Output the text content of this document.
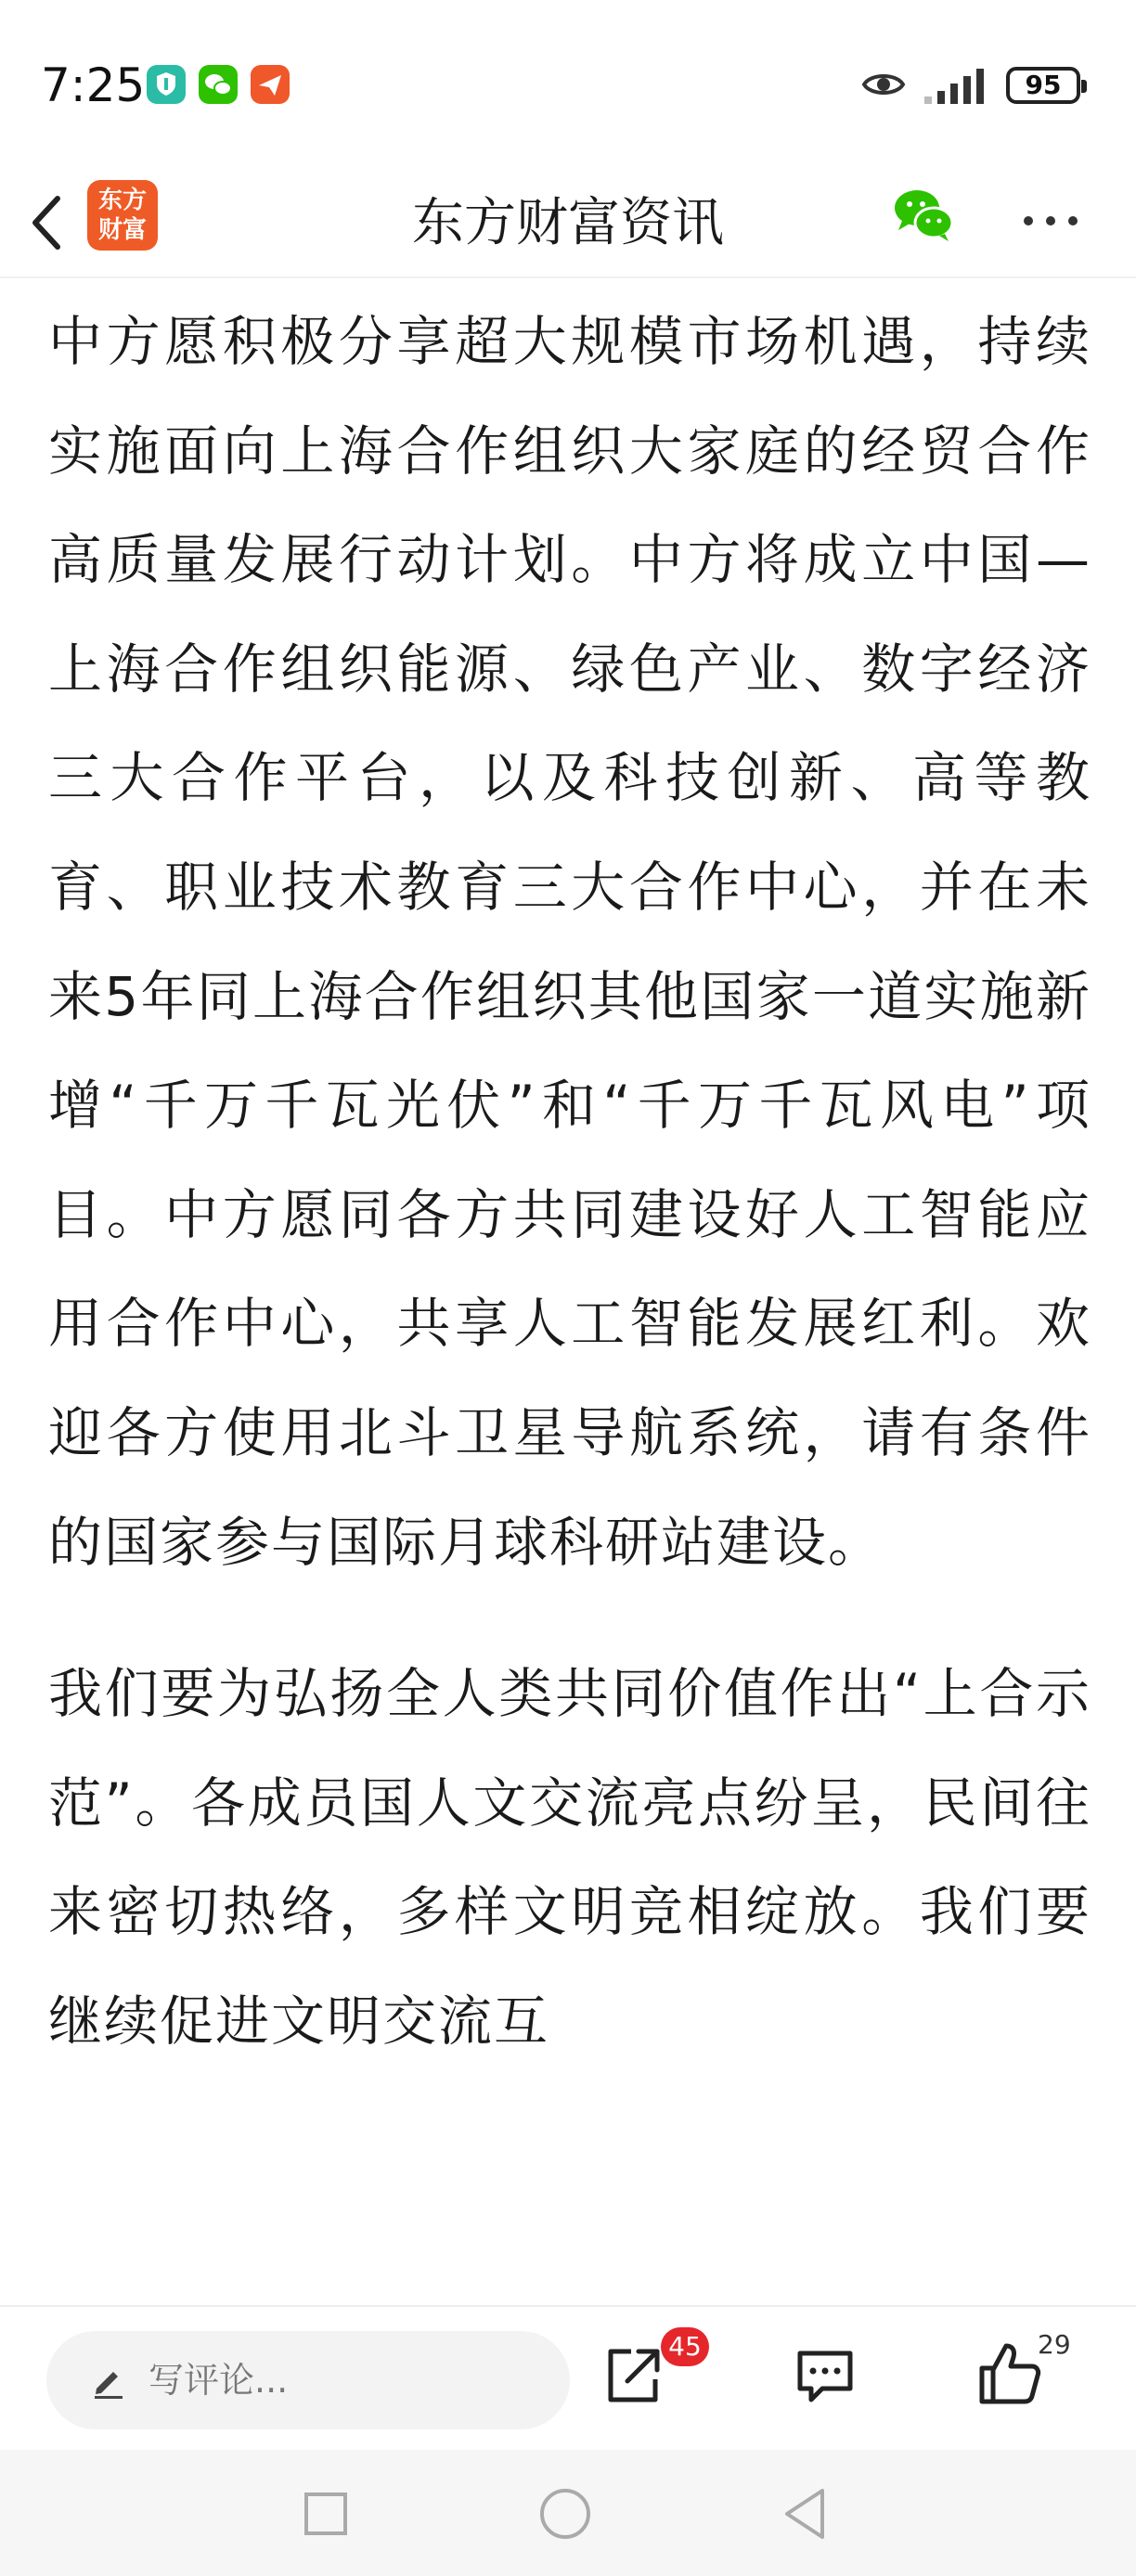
7:25	95
东方
财富	东方财富资讯

中方愿积极分享超大规模市场机遇，持续实施面向上海合作组织大家庭的经贸合作高质量发展行动计划。中方将成立中国—上海合作组织能源、绿色产业、数字经济三大合作平台，以及科技创新、高等教育、职业技术教育三大合作中心，并在未来5年同上海合作组织其他国家一道实施新增“千万千瓦光伏”和“千万千瓦风电”项目。中方愿同各方共同建设好人工智能应用合作中心，共享人工智能发展红利。欢迎各方使用北斗卫星导航系统，请有条件的国家参与国际月球科研站建设。

我们要为弘扬全人类共同价值作出“上合示范”。各成员国人文交流亮点纷呈，民间往来密切热络，多样文明竞相绽放。我们要继续促进文明交流互

写评论...
45	29
